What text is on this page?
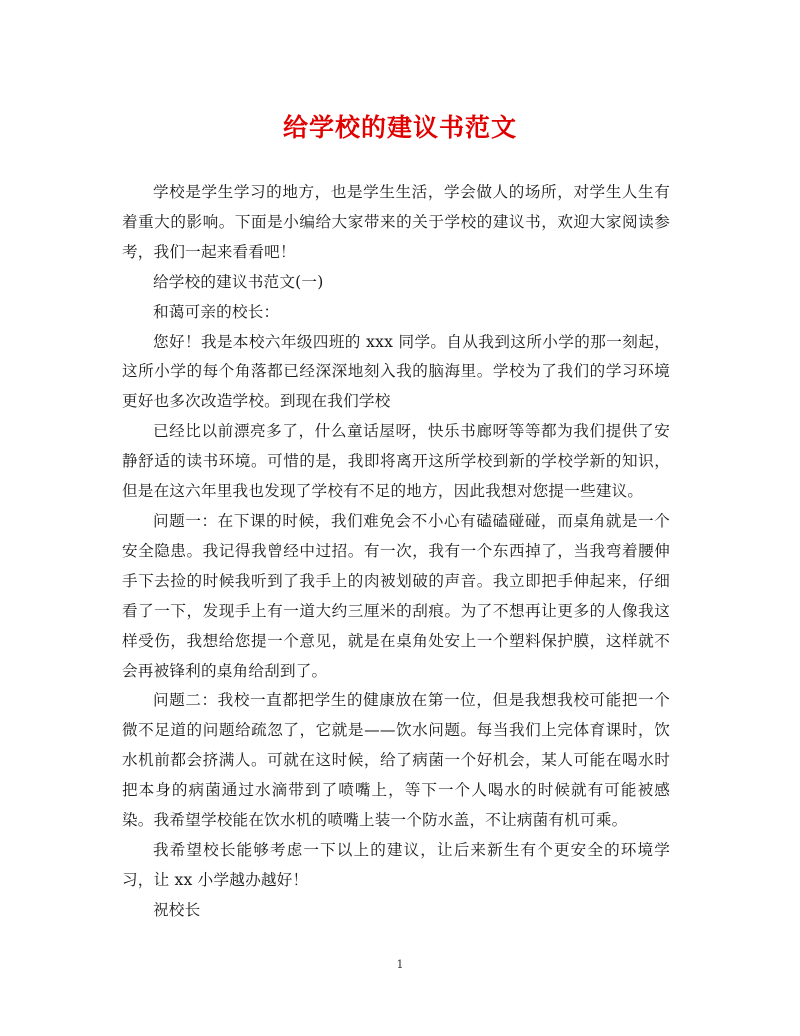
给学校的建议书范文

学校是学生学习的地方，也是学生生活，学会做人的场所，对学生人生有着重大的影响。下面是小编给大家带来的关于学校的建议书，欢迎大家阅读参考，我们一起来看看吧！

给学校的建议书范文(一)

和蔼可亲的校长：

您好！我是本校六年级四班的 xxx 同学。自从我到这所小学的那一刻起，这所小学的每个角落都已经深深地刻入我的脑海里。学校为了我们的学习环境更好也多次改造学校。到现在我们学校

已经比以前漂亮多了，什么童话屋呀，快乐书廊呀等等都为我们提供了安静舒适的读书环境。可惜的是，我即将离开这所学校到新的学校学新的知识，但是在这六年里我也发现了学校有不足的地方，因此我想对您提一些建议。

问题一：在下课的时候，我们难免会不小心有磕磕碰碰，而桌角就是一个安全隐患。我记得我曾经中过招。有一次，我有一个东西掉了，当我弯着腰伸手下去捡的时候我听到了我手上的肉被划破的声音。我立即把手伸起来，仔细看了一下，发现手上有一道大约三厘米的刮痕。为了不想再让更多的人像我这样受伤，我想给您提一个意见，就是在桌角处安上一个塑料保护膜，这样就不会再被锋利的桌角给刮到了。

问题二：我校一直都把学生的健康放在第一位，但是我想我校可能把一个微不足道的问题给疏忽了，它就是——饮水问题。每当我们上完体育课时，饮水机前都会挤满人。可就在这时候，给了病菌一个好机会，某人可能在喝水时把本身的病菌通过水滴带到了喷嘴上，等下一个人喝水的时候就有可能被感染。我希望学校能在饮水机的喷嘴上装一个防水盖，不让病菌有机可乘。

我希望校长能够考虑一下以上的建议，让后来新生有个更安全的环境学习，让 xx 小学越办越好！

祝校长

1
